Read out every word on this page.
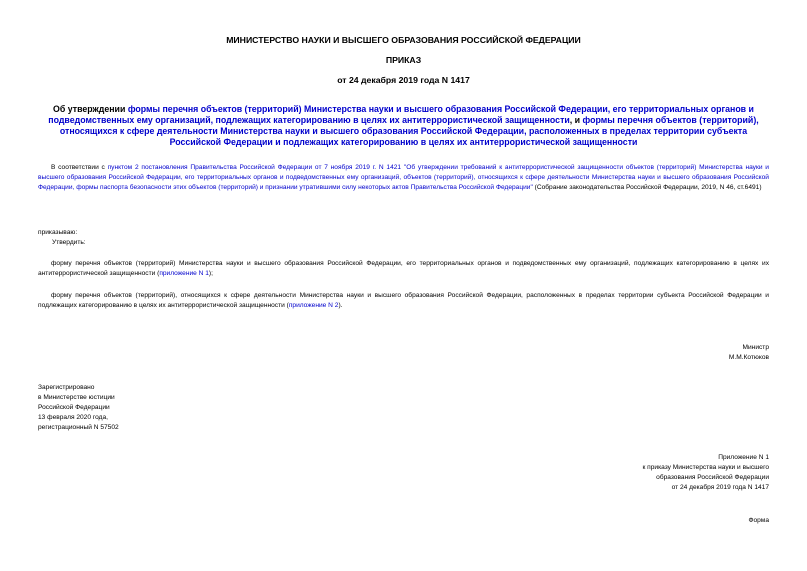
МИНИСТЕРСТВО НАУКИ И ВЫСШЕГО ОБРАЗОВАНИЯ РОССИЙСКОЙ ФЕДЕРАЦИИ
ПРИКАЗ
от 24 декабря 2019 года N 1417
Об утверждении формы перечня объектов (территорий) Министерства науки и высшего образования Российской Федерации, его территориальных органов и подведомственных ему организаций, подлежащих категорированию в целях их антитеррористической защищенности, и формы перечня объектов (территорий), относящихся к сфере деятельности Министерства науки и высшего образования Российской Федерации, расположенных в пределах территории субъекта Российской Федерации и подлежащих категорированию в целях их антитеррористической защищенности
В соответствии с пунктом 2 постановления Правительства Российской Федерации от 7 ноября 2019 г. N 1421 "Об утверждении требований к антитеррористической защищенности объектов (территорий) Министерства науки и высшего образования Российской Федерации, его территориальных органов и подведомственных ему организаций, объектов (территорий), относящихся к сфере деятельности Министерства науки и высшего образования Российской Федерации, формы паспорта безопасности этих объектов (территорий) и признании утратившими силу некоторых актов Правительства Российской Федерации" (Собрание законодательства Российской Федерации, 2019, N 46, ст.6491)
приказываю:
Утвердить:
форму перечня объектов (территорий) Министерства науки и высшего образования Российской Федерации, его территориальных органов и подведомственных ему организаций, подлежащих категорированию в целях их антитеррористической защищенности (приложение N 1);
форму перечня объектов (территорий), относящихся к сфере деятельности Министерства науки и высшего образования Российской Федерации, расположенных в пределах территории субъекта Российской Федерации и подлежащих категорированию в целях их антитеррористической защищенности (приложение N 2).
Министр
М.М.Котюков
Зарегистрировано
в Министерстве юстиции
Российской Федерации
13 февраля 2020 года,
регистрационный N 57502
Приложение N 1
к приказу Министерства науки и высшего
образования Российской Федерации
от 24 декабря 2019 года N 1417
Форма
